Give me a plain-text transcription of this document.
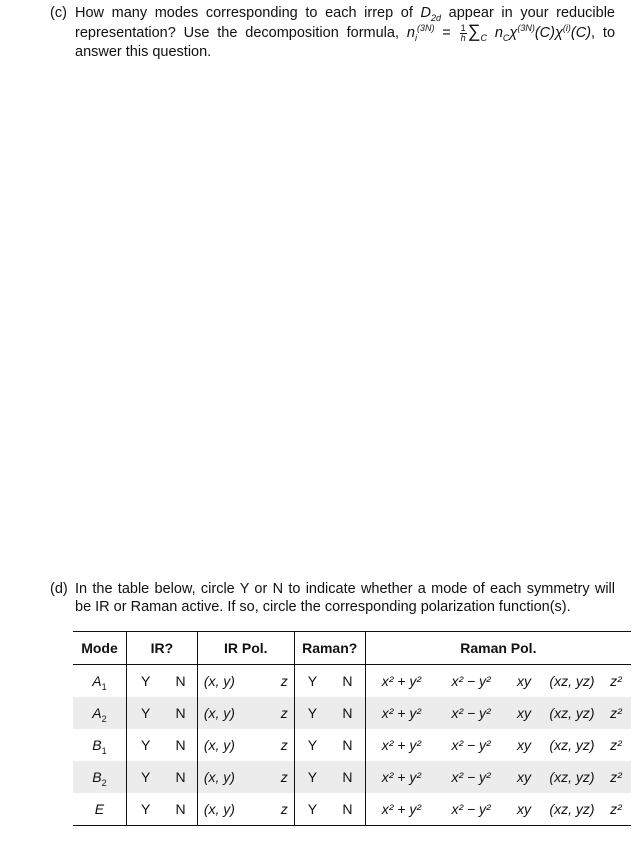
(c) How many modes corresponding to each irrep of $D_{2d}$ appear in your reducible representation? Use the decomposition formula, $n_i^{(3N)} = \frac{1}{h} \sum_C$ $n_C\chi^{(3N)}(C)\chi^{(i)}(C)$, to answer this question.
(d) In the table below, circle Y or N to indicate whether a mode of each symmetry will be IR or Raman active. If so, circle the corresponding polarization function(s).
Mode	IR?		IR Pol.		Raman?		Raman Pol.				
$A_1$	Y	N	(x, y)	z	Y	N	x² + y²	x² − y²	xy	(xz, yz)	z²
$A_2$	Y	N	(x, y)	z	Y	N	x² + y²	x² − y²	xy	(xz, yz)	z²
$B_1$	Y	N	(x, y)	z	Y	N	x² + y²	x² − y²	xy	(xz, yz)	z²
$B_2$	Y	N	(x, y)	z	Y	N	x² + y²	x² − y²	xy	(xz, yz)	z²
E	Y	N	(x, y)	z	Y	N	x² + y²	x² − y²	xy	(xz, yz)	z²
